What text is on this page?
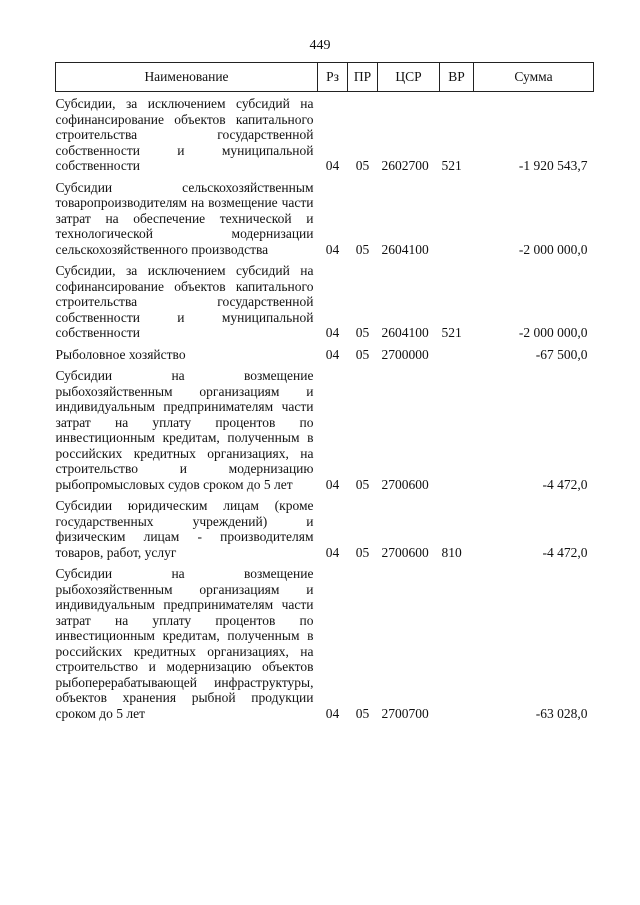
449
Наименование	Рз	ПР	ЦСР	ВР	Сумма
Субсидии, за исключением субсидий на софинансирование объектов капитального строительства государственной собственности и муниципальной собственности	04	05	2602700	521	-1 920 543,7
Субсидии сельскохозяйственным товаропроизводителям на возмещение части затрат на обеспечение технической и технологической модернизации сельскохозяйственного производства	04	05	2604100		-2 000 000,0
Субсидии, за исключением субсидий на софинансирование объектов капитального строительства государственной собственности и муниципальной собственности	04	05	2604100	521	-2 000 000,0
Рыболовное хозяйство	04	05	2700000		-67 500,0
Субсидии на возмещение рыбохозяйственным организациям и индивидуальным предпринимателям части затрат на уплату процентов по инвестиционным кредитам, полученным в российских кредитных организациях, на строительство и модернизацию рыбопромысловых судов сроком до 5 лет	04	05	2700600		-4 472,0
Субсидии юридическим лицам (кроме государственных учреждений) и физическим лицам - производителям товаров, работ, услуг	04	05	2700600	810	-4 472,0
Субсидии на возмещение рыбохозяйственным организациям и индивидуальным предпринимателям части затрат на уплату процентов по инвестиционным кредитам, полученным в российских кредитных организациях, на строительство и модернизацию объектов рыбоперерабатывающей инфраструктуры, объектов хранения рыбной продукции сроком до 5 лет	04	05	2700700		-63 028,0
